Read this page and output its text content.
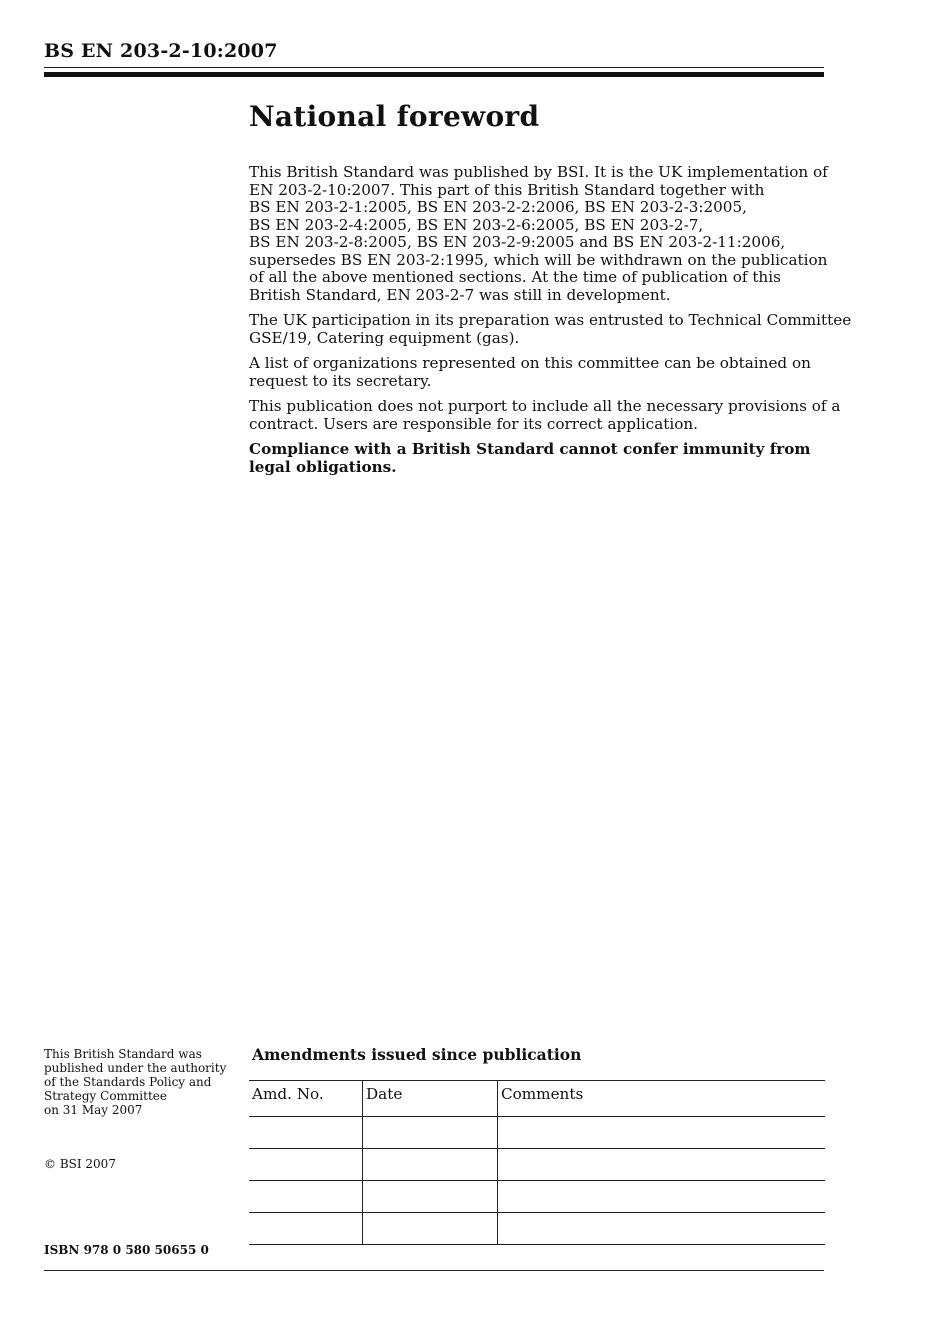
BS EN 203-2-10:2007
National foreword

This British Standard was published by BSI. It is the UK implementation of
EN 203-2-10:2007. This part of this British Standard together with
BS EN 203-2-1:2005, BS EN 203-2-2:2006, BS EN 203-2-3:2005,
BS EN 203-2-4:2005, BS EN 203-2-6:2005, BS EN 203-2-7,
BS EN 203-2-8:2005, BS EN 203-2-9:2005 and BS EN 203-2-11:2006,
supersedes BS EN 203-2:1995, which will be withdrawn on the publication
of all the above mentioned sections. At the time of publication of this
British Standard, EN 203-2-7 was still in development.

The UK participation in its preparation was entrusted to Technical Committee
GSE/19, Catering equipment (gas).

A list of organizations represented on this committee can be obtained on
request to its secretary.

This publication does not purport to include all the necessary provisions of a
contract. Users are responsible for its correct application.

Compliance with a British Standard cannot confer immunity from
legal obligations.

This British Standard was
published under the authority
of the Standards Policy and
Strategy Committee
on 31 May 2007
© BSI 2007
ISBN 978 0 580 50655 0
Amendments issued since publication
Amd. No.	Date	Comments
